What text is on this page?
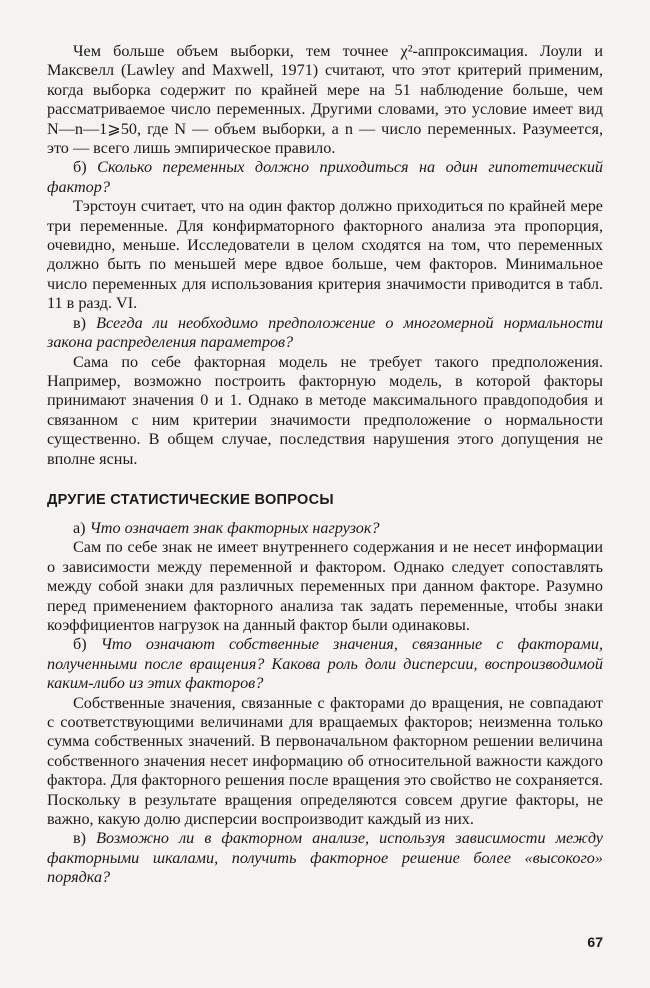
Чем больше объем выборки, тем точнее χ²-аппроксимация. Лоули и Максвелл (Lawley and Maxwell, 1971) считают, что этот критерий применим, когда выборка содержит по крайней мере на 51 наблюдение больше, чем рассматриваемое число переменных. Другими словами, это условие имеет вид N—n—1⩾50, где N — объем выборки, а n — число переменных. Разумеется, это — всего лишь эмпирическое правило.

б) Сколько переменных должно приходиться на один гипотетический фактор?

Тэрстоун считает, что на один фактор должно приходиться по крайней мере три переменные. Для конфирматорного факторного анализа эта пропорция, очевидно, меньше. Исследователи в целом сходятся на том, что переменных должно быть по меньшей мере вдвое больше, чем факторов. Минимальное число переменных для использования критерия значимости приводится в табл. 11 в разд. VI.

в) Всегда ли необходимо предположение о многомерной нормальности закона распределения параметров?

Сама по себе факторная модель не требует такого предположения. Например, возможно построить факторную модель, в которой факторы принимают значения 0 и 1. Однако в методе максимального правдоподобия и связанном с ним критерии значимости предположение о нормальности существенно. В общем случае, последствия нарушения этого допущения не вполне ясны.

ДРУГИЕ СТАТИСТИЧЕСКИЕ ВОПРОСЫ

а) Что означает знак факторных нагрузок?

Сам по себе знак не имеет внутреннего содержания и не несет информации о зависимости между переменной и фактором. Однако следует сопоставлять между собой знаки для различных переменных при данном факторе. Разумно перед применением факторного анализа так задать переменные, чтобы знаки коэффициентов нагрузок на данный фактор были одинаковы.

б) Что означают собственные значения, связанные с факторами, полученными после вращения? Какова роль доли дисперсии, воспроизводимой каким-либо из этих факторов?

Собственные значения, связанные с факторами до вращения, не совпадают с соответствующими величинами для вращаемых факторов; неизменна только сумма собственных значений. В первоначальном факторном решении величина собственного значения несет информацию об относительной важности каждого фактора. Для факторного решения после вращения это свойство не сохраняется. Поскольку в результате вращения определяются совсем другие факторы, не важно, какую долю дисперсии воспроизводит каждый из них.

в) Возможно ли в факторном анализе, используя зависимости между факторными шкалами, получить факторное решение более «высокого» порядка?

67
